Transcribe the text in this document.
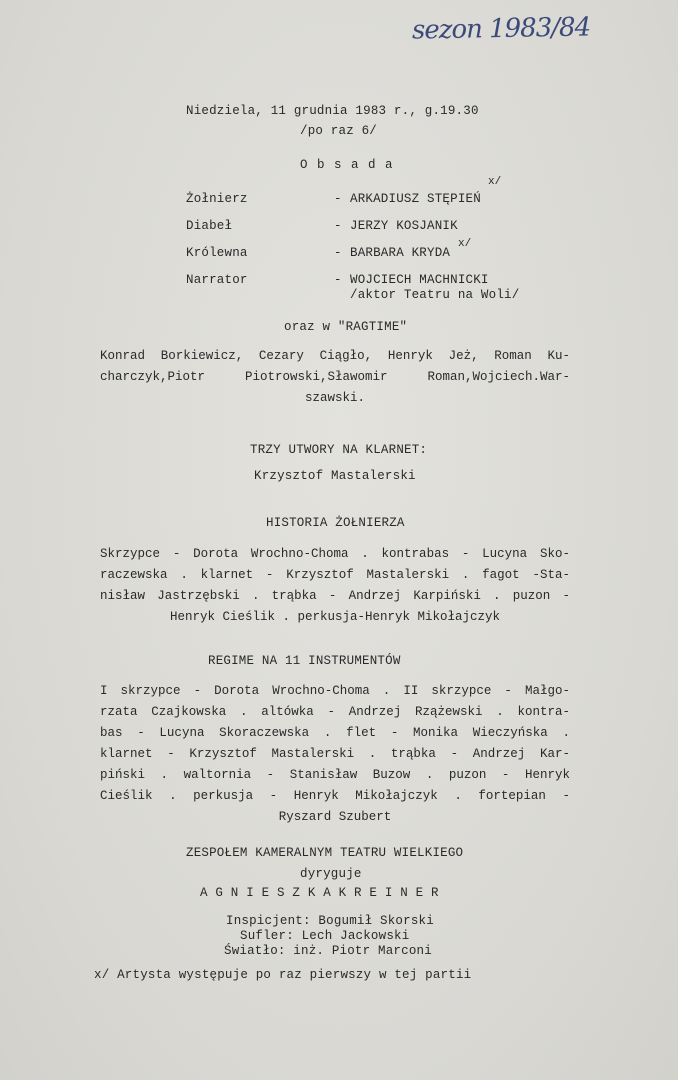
sezon 1983/84
Niedziela, 11 grudnia 1983 r., g.19.30
/po raz 6/
O b s a d a
Żołnierz	- ARKADIUSZ STĘPIEŃ
x/
Diabeł	- JERZY KOSJANIK
Królewna	- BARBARA KRYDA
x/
Narrator	- WOJCIECH MACHNICKI
/aktor Teatru na Woli/
oraz w "RAGTIME"
Konrad Borkiewicz, Cezary Ciągło, Henryk Jeż, Roman Ku-
charczyk,Piotr Piotrowski,Sławomir Roman,Wojciech.War-
szawski.
TRZY UTWORY NA KLARNET:
Krzysztof Mastalerski
HISTORIA ŻOŁNIERZA
Skrzypce - Dorota Wrochno-Choma . kontrabas - Lucyna Sko-
raczewska . klarnet - Krzysztof Mastalerski . fagot -Sta-
nisław Jastrzębski . trąbka - Andrzej Karpiński . puzon -
Henryk Cieślik . perkusja-Henryk Mikołajczyk
REGIME NA 11 INSTRUMENTÓW
I skrzypce - Dorota Wrochno-Choma . II skrzypce - Małgo-
rzata Czajkowska . altówka - Andrzej Rzążewski . kontra-
bas - Lucyna Skoraczewska . flet - Monika Wieczyńska .
klarnet - Krzysztof Mastalerski . trąbka - Andrzej Kar-
piński . waltornia - Stanisław Buzow . puzon - Henryk
Cieślik . perkusja - Henryk Mikołajczyk . fortepian -
Ryszard Szubert
ZESPOŁEM KAMERALNYM TEATRU WIELKIEGO
dyryguje
A G N I E S Z K A K R E I N E R
Inspicjent: Bogumił Skorski
Sufler: Lech Jackowski
Światło: inż. Piotr Marconi
x/ Artysta występuje po raz pierwszy w tej partii
